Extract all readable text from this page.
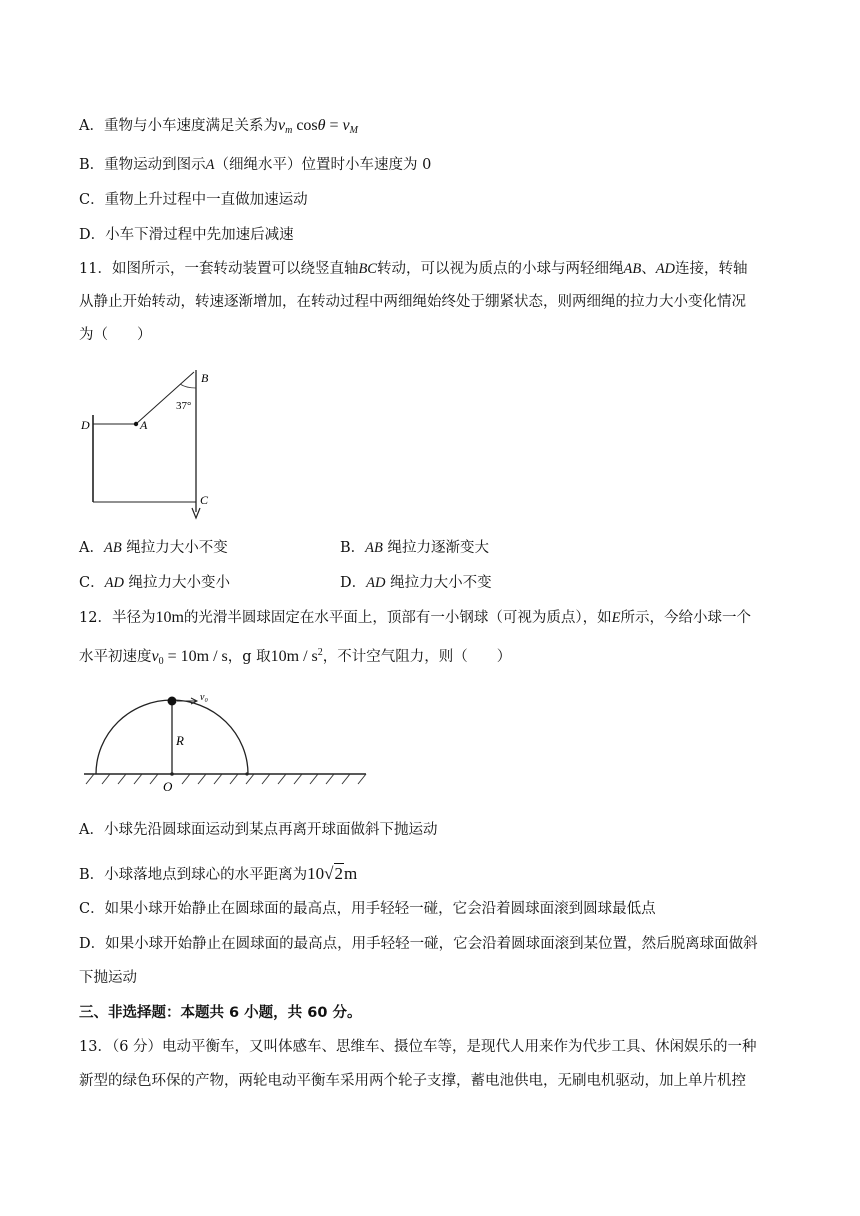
A．重物与小车速度满足关系为$v_m$ $\cos\theta = v_M$
B．重物运动到图示A（细绳水平）位置时小车速度为 0
C．重物上升过程中一直做加速运动
D．小车下滑过程中先加速后减速
11．如图所示，一套转动装置可以绕竖直轴BC转动，可以视为质点的小球与两轻细绳AB、AD连接，转轴
从静止开始转动，转速逐渐增加，在转动过程中两细绳始终处于绷紧状态，则两细绳的拉力大小变化情况
为（　　）
B
37°
D	A
C
A．AB 绳拉力大小不变	B．AB 绳拉力逐渐变大
C．AD 绳拉力大小变小	D．AD 绳拉力大小不变
12．半径为10m的光滑半圆球固定在水平面上，顶部有一小钢球（可视为质点），如E所示，今给小球一个
水平初速度$v_0 = 10m / s$，g 取$10m / s^2$，不计空气阻力，则（　　）
v₀
R
O
A．小球先沿圆球面运动到某点再离开球面做斜下抛运动
B．小球落地点到球心的水平距离为10√2m
C．如果小球开始静止在圆球面的最高点，用手轻轻一碰，它会沿着圆球面滚到圆球最低点
D．如果小球开始静止在圆球面的最高点，用手轻轻一碰，它会沿着圆球面滚到某位置，然后脱离球面做斜
下抛运动
三、非选择题：本题共 6 小题，共 60 分。
13．（6 分）电动平衡车，又叫体感车、思维车、摄位车等，是现代人用来作为代步工具、休闲娱乐的一种
新型的绿色环保的产物，两轮电动平衡车采用两个轮子支撑，蓄电池供电，无刷电机驱动，加上单片机控
